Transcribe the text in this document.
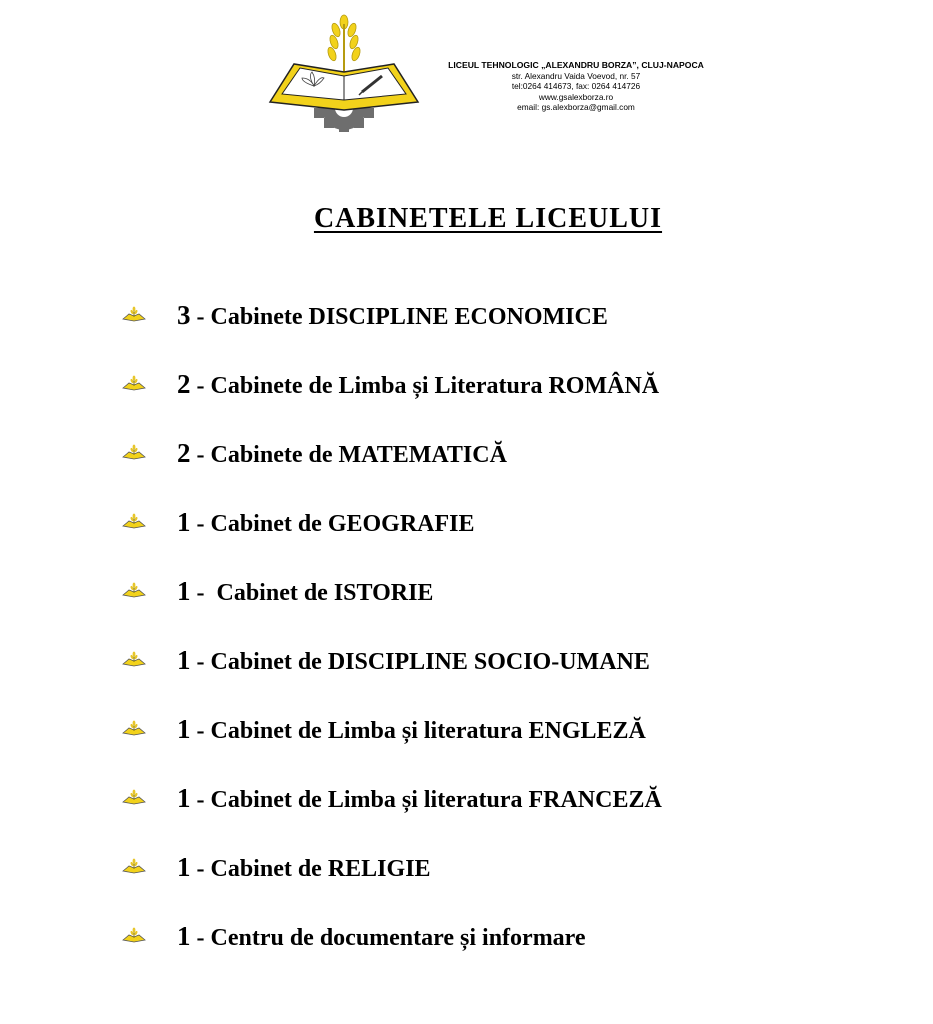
LICEUL TEHNOLOGIC „ALEXANDRU BORZA”, CLUJ-NAPOCA
str. Alexandru Vaida Voevod, nr. 57
tel:0264 414673, fax: 0264 414726
www.gsalexborza.ro
email: gs.alexborza@gmail.com
CABINETELE LICEULUI
3 - Cabinete DISCIPLINE ECONOMICE
2 - Cabinete de Limba și Literatura ROMÂNĂ
2 - Cabinete de MATEMATICĂ
1 - Cabinet de GEOGRAFIE
1 -  Cabinet de ISTORIE
1 - Cabinet de DISCIPLINE SOCIO-UMANE
1 - Cabinet de Limba și literatura ENGLEZĂ
1 - Cabinet de Limba și literatura FRANCEZĂ
1 - Cabinet de RELIGIE
1 - Centru de documentare și informare
